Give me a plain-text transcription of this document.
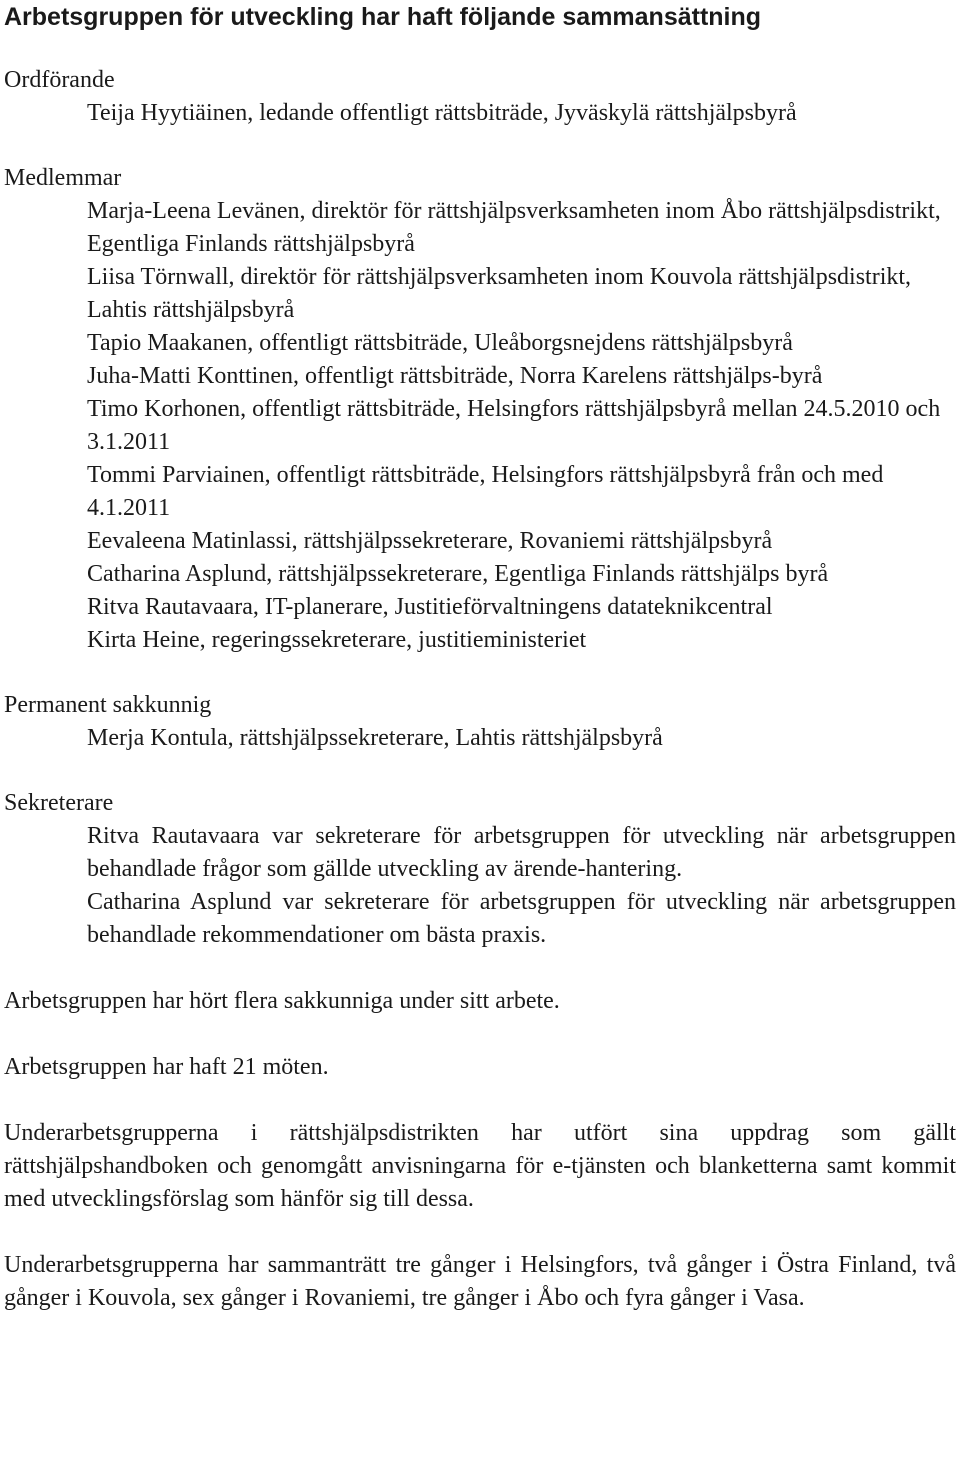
Arbetsgruppen för utveckling har haft följande sammansättning
Ordförande
Teija Hyytiäinen, ledande offentligt rättsbiträde, Jyväskylä rättshjälpsbyrå
Medlemmar
Marja-Leena Levänen, direktör för rättshjälpsverksamheten inom Åbo rättshjälpsdistrikt, Egentliga Finlands rättshjälpsbyrå
Liisa Törnwall, direktör för rättshjälpsverksamheten inom Kouvola rättshjälpsdistrikt, Lahtis rättshjälpsbyrå
Tapio Maakanen, offentligt rättsbiträde, Uleåborgsnejdens rättshjälpsbyrå
Juha-Matti Konttinen, offentligt rättsbiträde, Norra Karelens rättshjälps-byrå
Timo Korhonen, offentligt rättsbiträde, Helsingfors rättshjälpsbyrå mellan 24.5.2010 och 3.1.2011
Tommi Parviainen, offentligt rättsbiträde, Helsingfors rättshjälpsbyrå från och med 4.1.2011
Eevaleena Matinlassi, rättshjälpssekreterare, Rovaniemi rättshjälpsbyrå
Catharina Asplund, rättshjälpssekreterare, Egentliga Finlands rättshjälps byrå
Ritva Rautavaara, IT-planerare, Justitieförvaltningens datateknikcentral
Kirta Heine, regeringssekreterare, justitieministeriet
Permanent sakkunnig
Merja Kontula, rättshjälpssekreterare, Lahtis rättshjälpsbyrå
Sekreterare
Ritva Rautavaara var sekreterare för arbetsgruppen för utveckling när arbetsgruppen behandlade frågor som gällde utveckling av ärende-hantering.
Catharina Asplund var sekreterare för arbetsgruppen för utveckling när arbetsgruppen behandlade rekommendationer om bästa praxis.

Arbetsgruppen har hört flera sakkunniga under sitt arbete.

Arbetsgruppen har haft 21 möten.

Underarbetsgrupperna i rättshjälpsdistrikten har utfört sina uppdrag som gällt rättshjälpshandboken och genomgått anvisningarna för e-tjänsten och blanketterna samt kommit med utvecklingsförslag som hänför sig till dessa.

Underarbetsgrupperna har sammanträtt tre gånger i Helsingfors, två gånger i Östra Finland, två gånger i Kouvola, sex gånger i Rovaniemi, tre gånger i Åbo och fyra gånger i Vasa.
